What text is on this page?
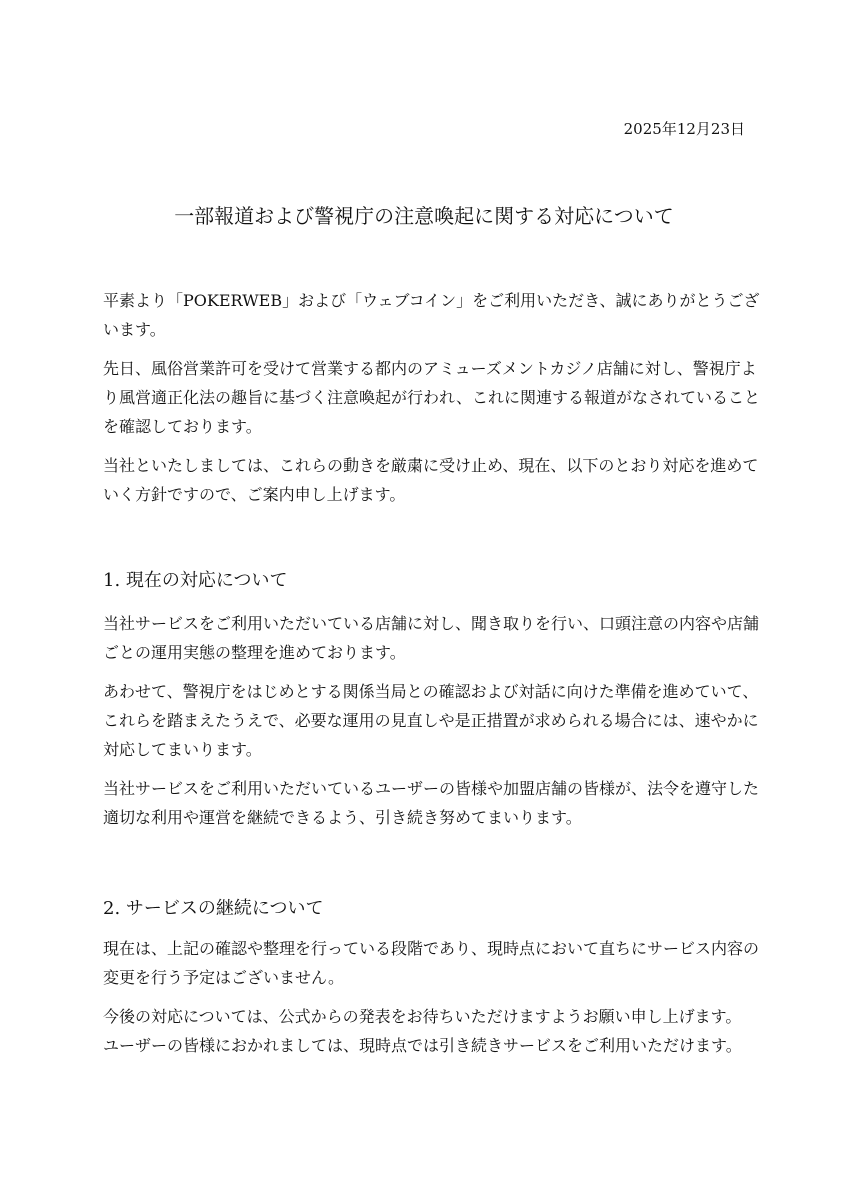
2025年12月23日
一部報道および警視庁の注意喚起に関する対応について

平素より「POKERWEB」および「ウェブコイン」をご利用いただき、誠にありがとうござ
います。

先日、風俗営業許可を受けて営業する都内のアミューズメントカジノ店舗に対し、警視庁よ
り風営適正化法の趣旨に基づく注意喚起が行われ、これに関連する報道がなされていること
を確認しております。

当社といたしましては、これらの動きを厳粛に受け止め、現在、以下のとおり対応を進めて
いく方針ですので、ご案内申し上げます。

1. 現在の対応について

当社サービスをご利用いただいている店舗に対し、聞き取りを行い、口頭注意の内容や店舗
ごとの運用実態の整理を進めております。

あわせて、警視庁をはじめとする関係当局との確認および対話に向けた準備を進めていて、
これらを踏まえたうえで、必要な運用の見直しや是正措置が求められる場合には、速やかに
対応してまいります。

当社サービスをご利用いただいているユーザーの皆様や加盟店舗の皆様が、法令を遵守した
適切な利用や運営を継続できるよう、引き続き努めてまいります。

2. サービスの継続について

現在は、上記の確認や整理を行っている段階であり、現時点において直ちにサービス内容の
変更を行う予定はございません。

今後の対応については、公式からの発表をお待ちいただけますようお願い申し上げます。
ユーザーの皆様におかれましては、現時点では引き続きサービスをご利用いただけます。
